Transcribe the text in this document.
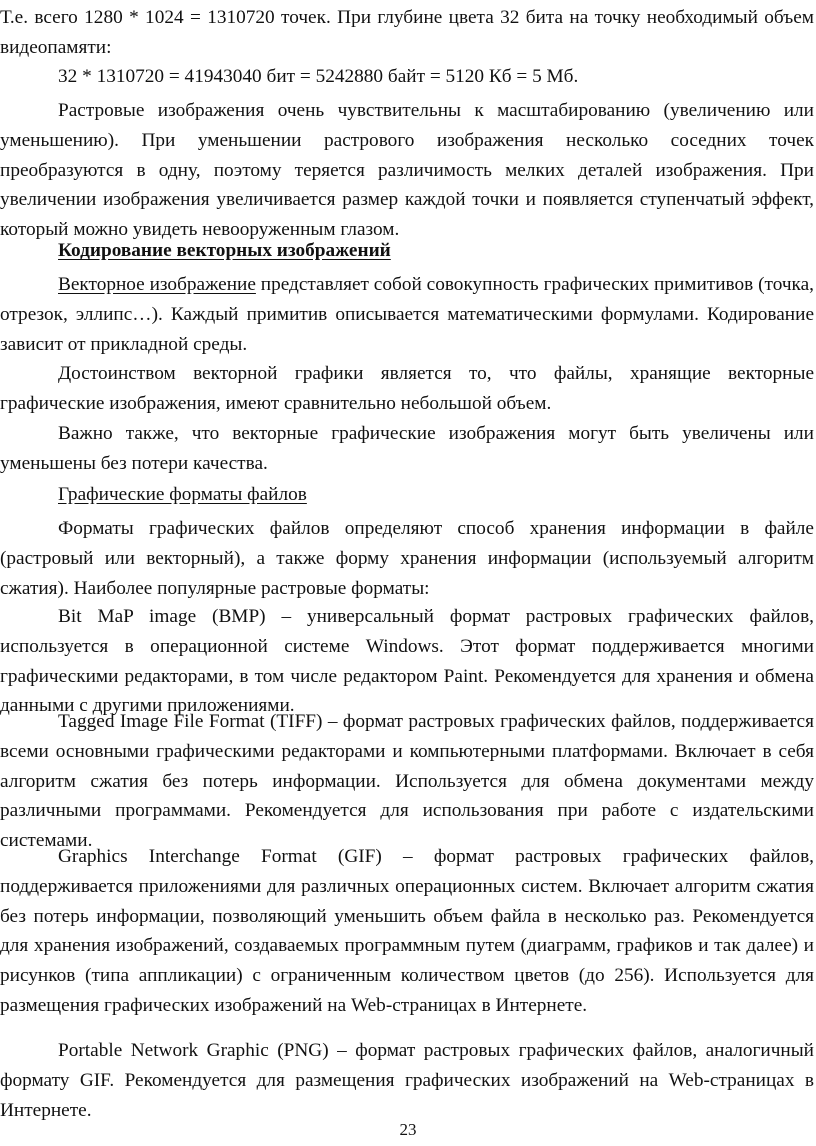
Т.е. всего 1280 * 1024 = 1310720 точек. При глубине цвета 32 бита на точку необходимый объем видеопамяти:

32 * 1310720 = 41943040 бит = 5242880 байт = 5120 Кб = 5 Мб.

Растровые изображения очень чувствительны к масштабированию (увеличению или уменьшению). При уменьшении растрового изображения несколько соседних точек преобразуются в одну, поэтому теряется различимость мелких деталей изображения. При увеличении изображения увеличивается размер каждой точки и появляется ступенчатый эффект, который можно увидеть невооруженным глазом.

Кодирование векторных изображений

Векторное изображение представляет собой совокупность графических примитивов (точка, отрезок, эллипс…). Каждый примитив описывается математическими формулами. Кодирование зависит от прикладной среды.

Достоинством векторной графики является то, что файлы, хранящие векторные графические изображения, имеют сравнительно небольшой объем.

Важно также, что векторные графические изображения могут быть увеличены или уменьшены без потери качества.

Графические форматы файлов

Форматы графических файлов определяют способ хранения информации в файле (растровый или векторный), а также форму хранения информации (используемый алгоритм сжатия). Наиболее популярные растровые форматы:

Bit MaP image (BMP) – универсальный формат растровых графических файлов, используется в операционной системе Windows. Этот формат поддерживается многими графическими редакторами, в том числе редактором Paint. Рекомендуется для хранения и обмена данными с другими приложениями.

Tagged Image File Format (TIFF) – формат растровых графических файлов, поддерживается всеми основными графическими редакторами и компьютерными платформами. Включает в себя алгоритм сжатия без потерь информации. Используется для обмена документами между различными программами. Рекомендуется для использования при работе с издательскими системами.

Graphics Interchange Format (GIF) – формат растровых графических файлов, поддерживается приложениями для различных операционных систем. Включает алгоритм сжатия без потерь информации, позволяющий уменьшить объем файла в несколько раз. Рекомендуется для хранения изображений, создаваемых программным путем (диаграмм, графиков и так далее) и рисунков (типа аппликации) с ограниченным количеством цветов (до 256). Используется для размещения графических изображений на Web-страницах в Интернете.

Portable Network Graphic (PNG) – формат растровых графических файлов, аналогичный формату GIF. Рекомендуется для размещения графических изображений на Web-страницах в Интернете.

23
